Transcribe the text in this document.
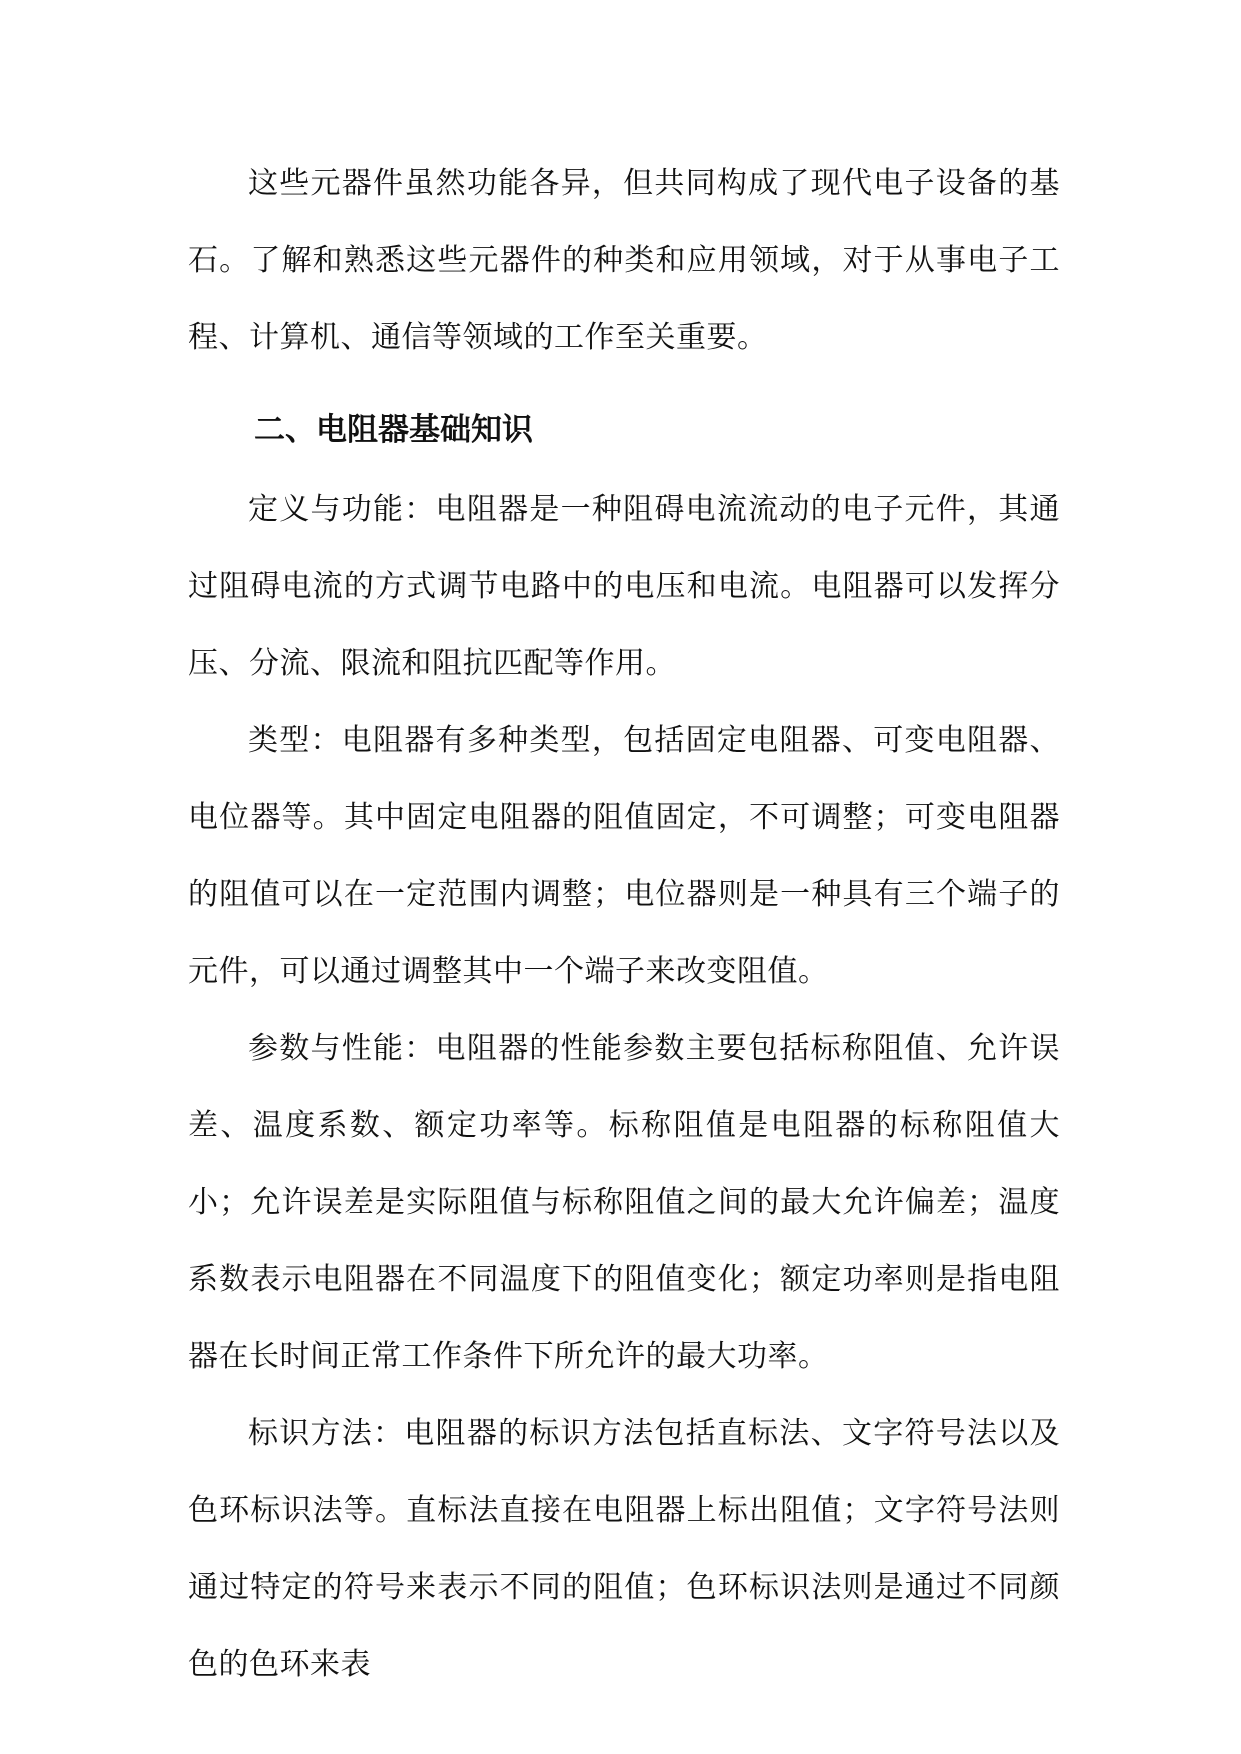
这些元器件虽然功能各异，但共同构成了现代电子设备的基石。了解和熟悉这些元器件的种类和应用领域，对于从事电子工程、计算机、通信等领域的工作至关重要。

二、电阻器基础知识

定义与功能：电阻器是一种阻碍电流流动的电子元件，其通过阻碍电流的方式调节电路中的电压和电流。电阻器可以发挥分压、分流、限流和阻抗匹配等作用。

类型：电阻器有多种类型，包括固定电阻器、可变电阻器、电位器等。其中固定电阻器的阻值固定，不可调整；可变电阻器的阻值可以在一定范围内调整；电位器则是一种具有三个端子的元件，可以通过调整其中一个端子来改变阻值。

参数与性能：电阻器的性能参数主要包括标称阻值、允许误差、温度系数、额定功率等。标称阻值是电阻器的标称阻值大小；允许误差是实际阻值与标称阻值之间的最大允许偏差；温度系数表示电阻器在不同温度下的阻值变化；额定功率则是指电阻器在长时间正常工作条件下所允许的最大功率。

标识方法：电阻器的标识方法包括直标法、文字符号法以及色环标识法等。直标法直接在电阻器上标出阻值；文字符号法则通过特定的符号来表示不同的阻值；色环标识法则是通过不同颜色的色环来表
